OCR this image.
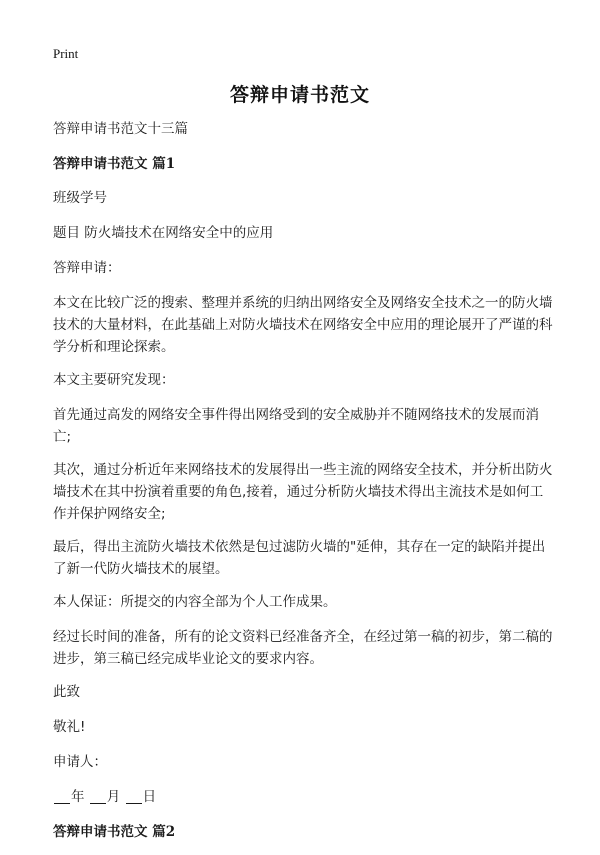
Print
答辩申请书范文

答辩申请书范文十三篇

答辩申请书范文 篇1

班级学号

题目 防火墙技术在网络安全中的应用

答辩申请：

本文在比较广泛的搜索、整理并系统的归纳出网络安全及网络安全技术之一的防火墙技术的大量材料，在此基础上对防火墙技术在网络安全中应用的理论展开了严谨的科学分析和理论探索。

本文主要研究发现：

首先通过高发的网络安全事件得出网络受到的安全威胁并不随网络技术的发展而消亡;

其次，通过分析近年来网络技术的发展得出一些主流的网络安全技术，并分析出防火墙技术在其中扮演着重要的角色,接着，通过分析防火墙技术得出主流技术是如何工作并保护网络安全;

最后，得出主流防火墙技术依然是包过滤防火墙的"延伸，其存在一定的缺陷并提出了新一代防火墙技术的展望。

本人保证：所提交的内容全部为个人工作成果。

经过长时间的准备，所有的论文资料已经准备齐全，在经过第一稿的初步，第二稿的进步，第三稿已经完成毕业论文的要求内容。

此致

敬礼!

申请人：

年 月 日

答辩申请书范文 篇2
